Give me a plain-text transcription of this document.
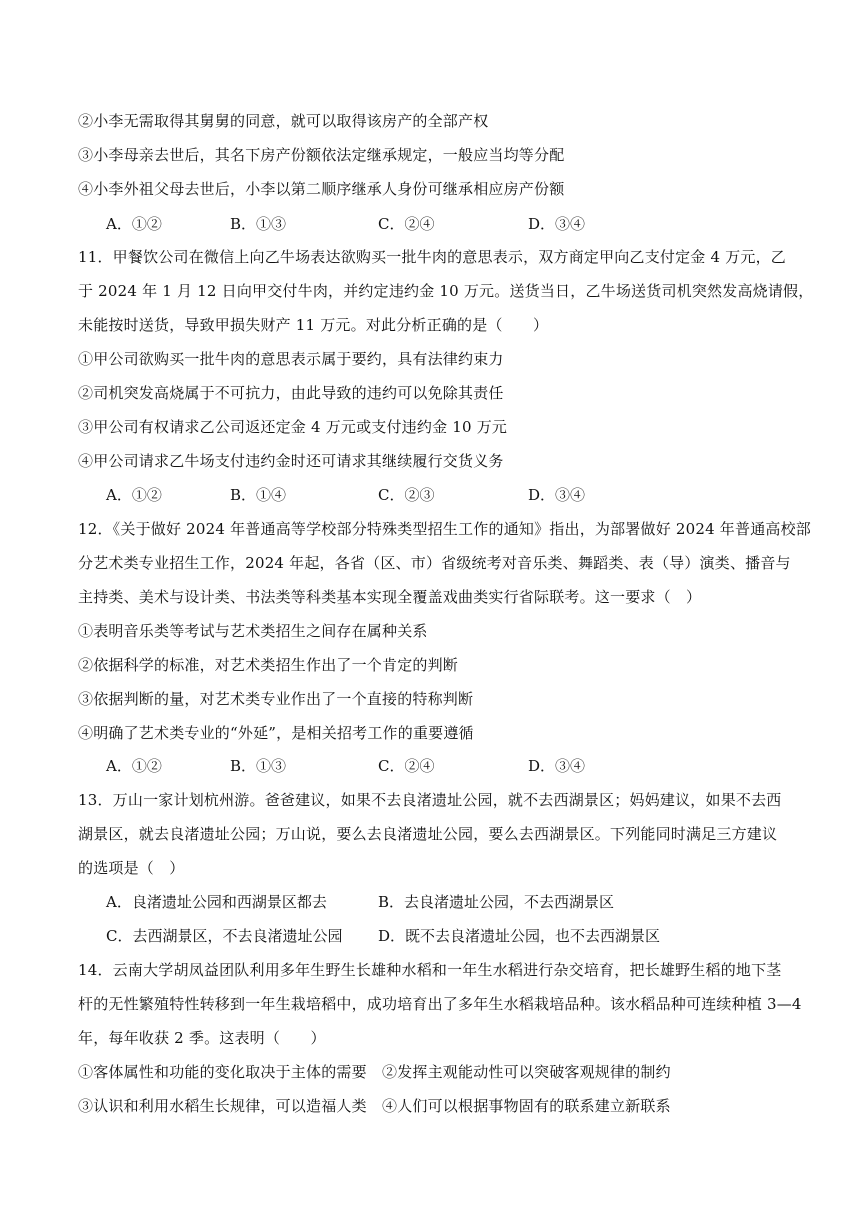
②小李无需取得其舅舅的同意，就可以取得该房产的全部产权
③小李母亲去世后，其名下房产份额依法定继承规定，一般应当均等分配
④小李外祖父母去世后，小李以第二顺序继承人身份可继承相应房产份额
A．①②	B．①③	C．②④	D．③④
11．甲餐饮公司在微信上向乙牛场表达欲购买一批牛肉的意思表示，双方商定甲向乙支付定金 4 万元，乙
于 2024 年 1 月 12 日向甲交付牛肉，并约定违约金 10 万元。送货当日，乙牛场送货司机突然发高烧请假，
未能按时送货，导致甲损失财产 11 万元。对此分析正确的是（　　）
①甲公司欲购买一批牛肉的意思表示属于要约，具有法律约束力
②司机突发高烧属于不可抗力，由此导致的违约可以免除其责任
③甲公司有权请求乙公司返还定金 4 万元或支付违约金 10 万元
④甲公司请求乙牛场支付违约金时还可请求其继续履行交货义务
A．①②	B．①④	C．②③	D．③④
12．《关于做好 2024 年普通高等学校部分特殊类型招生工作的通知》指出，为部署做好 2024 年普通高校部
分艺术类专业招生工作，2024 年起，各省（区、市）省级统考对音乐类、舞蹈类、表（导）演类、播音与
主持类、美术与设计类、书法类等科类基本实现全覆盖戏曲类实行省际联考。这一要求（　）
①表明音乐类等考试与艺术类招生之间存在属种关系
②依据科学的标准，对艺术类招生作出了一个肯定的判断
③依据判断的量，对艺术类专业作出了一个直接的特称判断
④明确了艺术类专业的“外延”，是相关招考工作的重要遵循
A．①②	B．①③	C．②④	D．③④
13．万山一家计划杭州游。爸爸建议，如果不去良渚遗址公园，就不去西湖景区；妈妈建议，如果不去西
湖景区，就去良渚遗址公园；万山说，要么去良渚遗址公园，要么去西湖景区。下列能同时满足三方建议
的选项是（　）
A．良渚遗址公园和西湖景区都去	B．去良渚遗址公园，不去西湖景区
C．去西湖景区，不去良渚遗址公园 D．既不去良渚遗址公园，也不去西湖景区
14．云南大学胡凤益团队利用多年生野生长雄种水稻和一年生水稻进行杂交培育，把长雄野生稻的地下茎
杆的无性繁殖特性转移到一年生栽培稻中，成功培育出了多年生水稻栽培品种。该水稻品种可连续种植 3—4
年，每年收获 2 季。这表明（　　）
①客体属性和功能的变化取决于主体的需要　②发挥主观能动性可以突破客观规律的制约
③认识和利用水稻生长规律，可以造福人类　④人们可以根据事物固有的联系建立新联系
